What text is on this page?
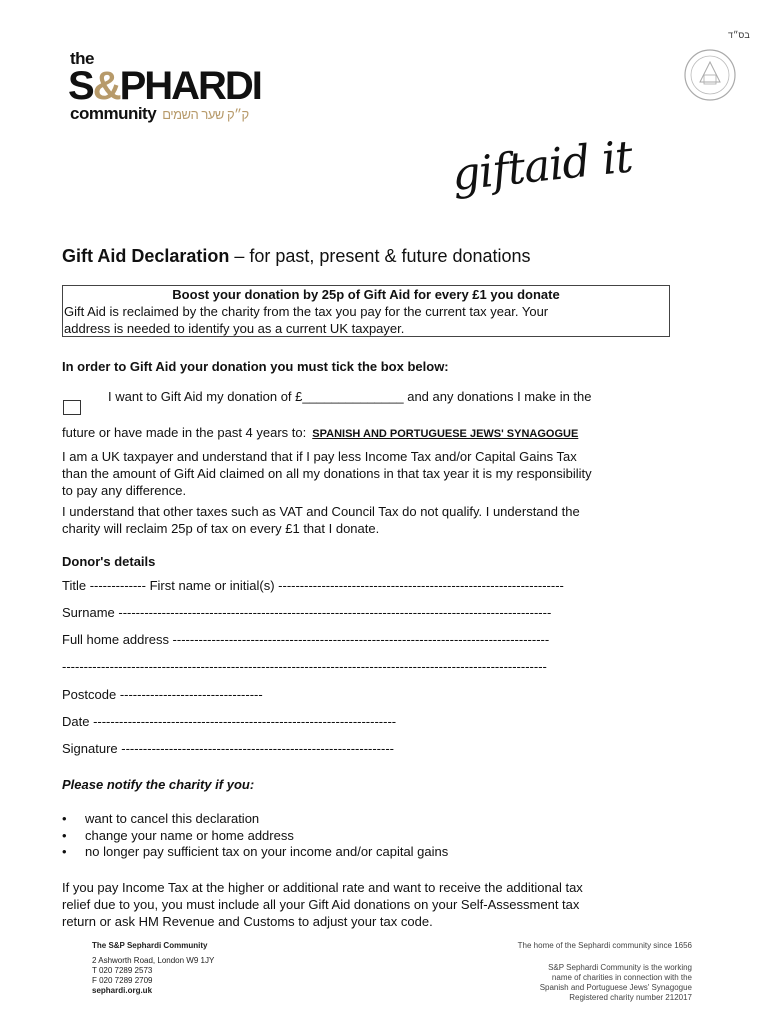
בס״ד
the
S&PHARDI
community ק״ק שער השמים
giftaid it
Gift Aid Declaration – for past, present & future donations
Boost your donation by 25p of Gift Aid for every £1 you donate
Gift Aid is reclaimed by the charity from the tax you pay for the current tax year. Your
address is needed to identify you as a current UK taxpayer.
In order to Gift Aid your donation you must tick the box below:
I want to Gift Aid my donation of £______________ and any donations I make in the
future or have made in the past 4 years to: SPANISH AND PORTUGUESE JEWS' SYNAGOGUE
I am a UK taxpayer and understand that if I pay less Income Tax and/or Capital Gains Tax
than the amount of Gift Aid claimed on all my donations in that tax year it is my responsibility
to pay any difference.
I understand that other taxes such as VAT and Council Tax do not qualify. I understand the
charity will reclaim 25p of tax on every £1 that I donate.
Donor's details
Title ------------- First name or initial(s) ------------------------------------------------------------------
Surname ----------------------------------------------------------------------------------------------------
Full home address ---------------------------------------------------------------------------------------
----------------------------------------------------------------------------------------------------------------
Postcode ---------------------------------
Date ----------------------------------------------------------------------
Signature ---------------------------------------------------------------
Please notify the charity if you:
• want to cancel this declaration
• change your name or home address
• no longer pay sufficient tax on your income and/or capital gains
If you pay Income Tax at the higher or additional rate and want to receive the additional tax
relief due to you, you must include all your Gift Aid donations on your Self-Assessment tax
return or ask HM Revenue and Customs to adjust your tax code.
The S&P Sephardi Community
2 Ashworth Road, London W9 1JY
T 020 7289 2573
F 020 7289 2709
sephardi.org.uk
The home of the Sephardi community since 1656
S&P Sephardi Community is the working
name of charities in connection with the
Spanish and Portuguese Jews' Synagogue
Registered charity number 212017
